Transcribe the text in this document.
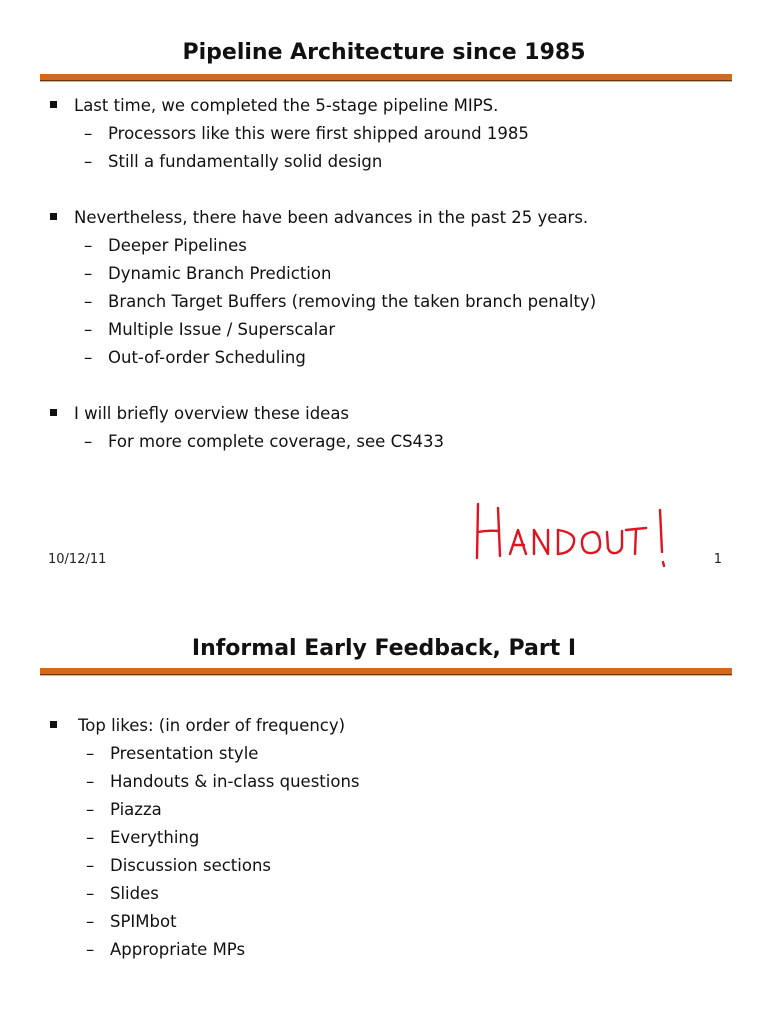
Pipeline Architecture since 1985
Last time, we completed the 5-stage pipeline MIPS.
– Processors like this were first shipped around 1985
– Still a fundamentally solid design
Nevertheless, there have been advances in the past 25 years.
– Deeper Pipelines
– Dynamic Branch Prediction
– Branch Target Buffers (removing the taken branch penalty)
– Multiple Issue / Superscalar
– Out-of-order Scheduling
I will briefly overview these ideas
– For more complete coverage, see CS433
10/12/11	1
Informal Early Feedback, Part I
Top likes: (in order of frequency)
– Presentation style
– Handouts & in-class questions
– Piazza
– Everything
– Discussion sections
– Slides
– SPIMbot
– Appropriate MPs
